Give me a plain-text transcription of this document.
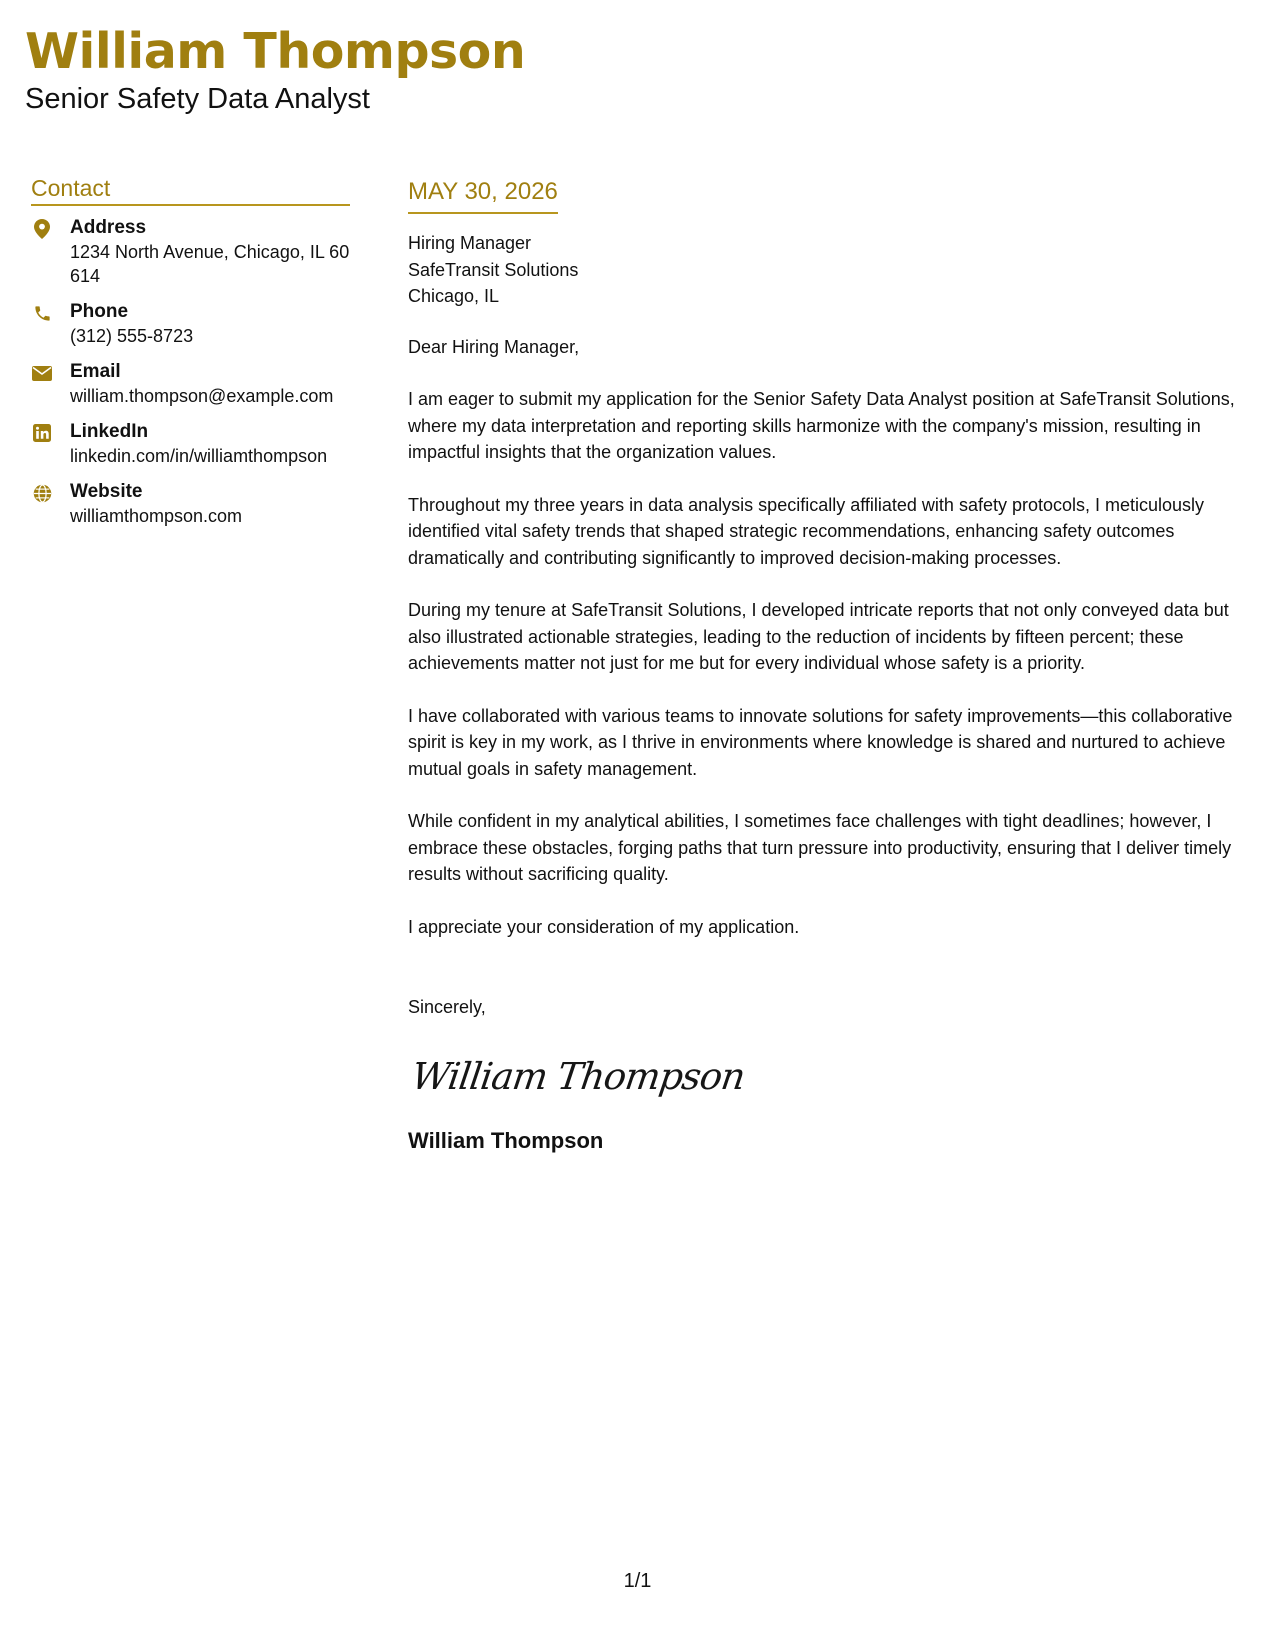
William Thompson
Senior Safety Data Analyst
Contact
Address
1234 North Avenue, Chicago, IL 60614
Phone
(312) 555-8723
Email
william.thompson@example.com
LinkedIn
linkedin.com/in/williamthompson
Website
williamthompson.com
MAY 30, 2026
Hiring Manager
SafeTransit Solutions
Chicago, IL
Dear Hiring Manager,

I am eager to submit my application for the Senior Safety Data Analyst position at SafeTransit Solutions, where my data interpretation and reporting skills harmonize with the company's mission, resulting in impactful insights that the organization values.

Throughout my three years in data analysis specifically affiliated with safety protocols, I meticulously identified vital safety trends that shaped strategic recommendations, enhancing safety outcomes dramatically and contributing significantly to improved decision-making processes.

During my tenure at SafeTransit Solutions, I developed intricate reports that not only conveyed data but also illustrated actionable strategies, leading to the reduction of incidents by fifteen percent; these achievements matter not just for me but for every individual whose safety is a priority.

I have collaborated with various teams to innovate solutions for safety improvements—this collaborative spirit is key in my work, as I thrive in environments where knowledge is shared and nurtured to achieve mutual goals in safety management.

While confident in my analytical abilities, I sometimes face challenges with tight deadlines; however, I embrace these obstacles, forging paths that turn pressure into productivity, ensuring that I deliver timely results without sacrificing quality.

I appreciate your consideration of my application.

Sincerely,
William Thompson
William Thompson
1/1
